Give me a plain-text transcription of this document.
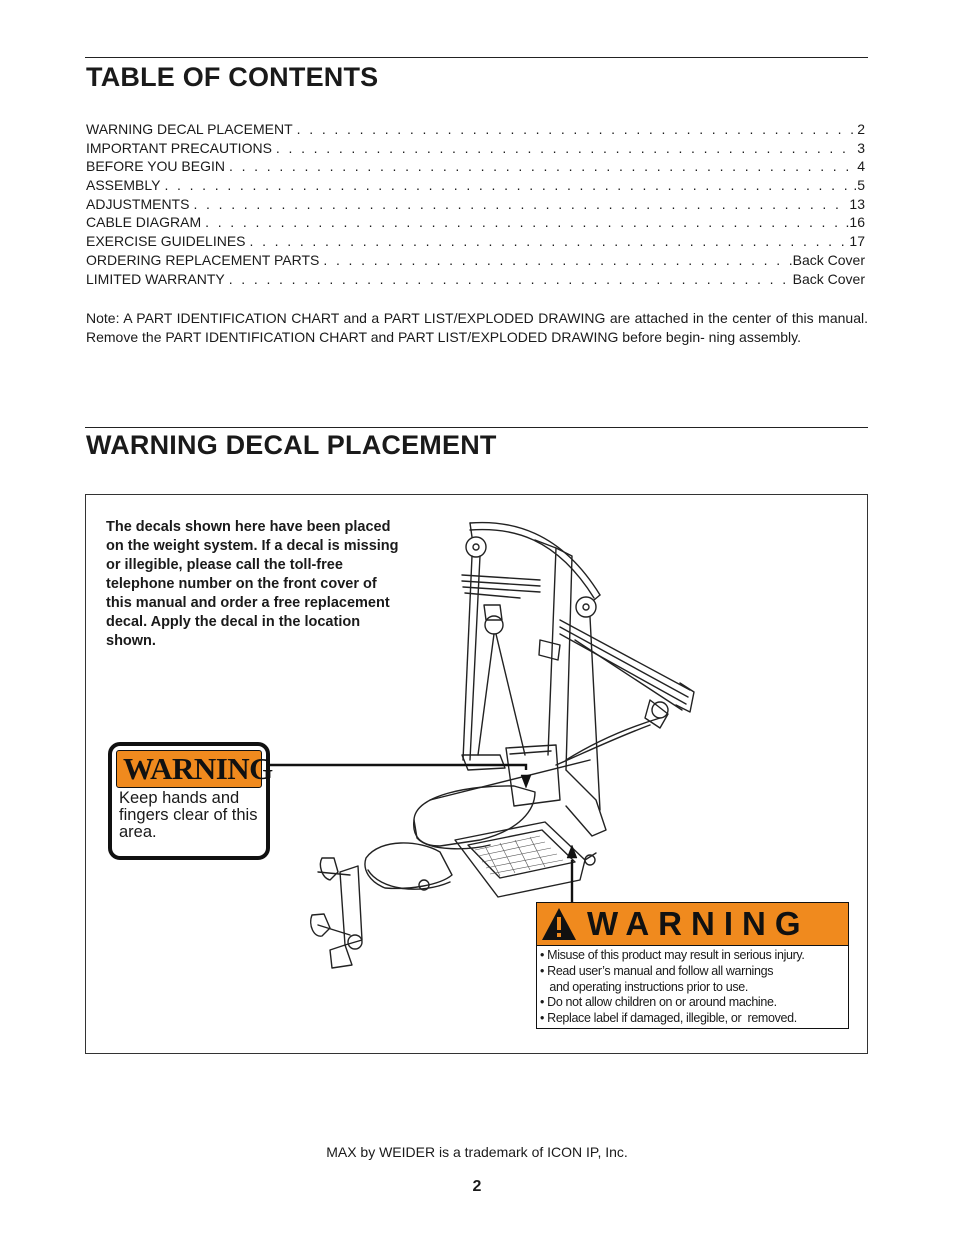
TABLE OF CONTENTS
WARNING DECAL PLACEMENT . . .	2
IMPORTANT PRECAUTIONS . . .	3
BEFORE YOU BEGIN . . .	4
ASSEMBLY . . .	.5
ADJUSTMENTS . . .	13
CABLE DIAGRAM . . .	.16
EXERCISE GUIDELINES . . .	17
ORDERING REPLACEMENT PARTS . . .	.Back Cover
LIMITED WARRANTY . . .	Back Cover

Note: A PART IDENTIFICATION CHART and a PART LIST/EXPLODED DRAWING are attached in the center of this manual. Remove the PART IDENTIFICATION CHART and PART LIST/EXPLODED DRAWING before begin- ning assembly.

WARNING DECAL PLACEMENT

The decals shown here have been placed on the weight system. If a decal is missing or illegible, please call the toll-free telephone number on the front cover of this manual and order a free replacement decal. Apply the decal in the location shown.

WARNING

Keep hands and fingers clear of this area.

WARNING
• Misuse of this product may result in serious injury.
• Read user’s manual and follow all warnings
and operating instructions prior to use.
• Do not allow children on or around machine.
• Replace label if damaged, illegible, or  removed.

MAX by WEIDER is a trademark of ICON IP, Inc.

2
